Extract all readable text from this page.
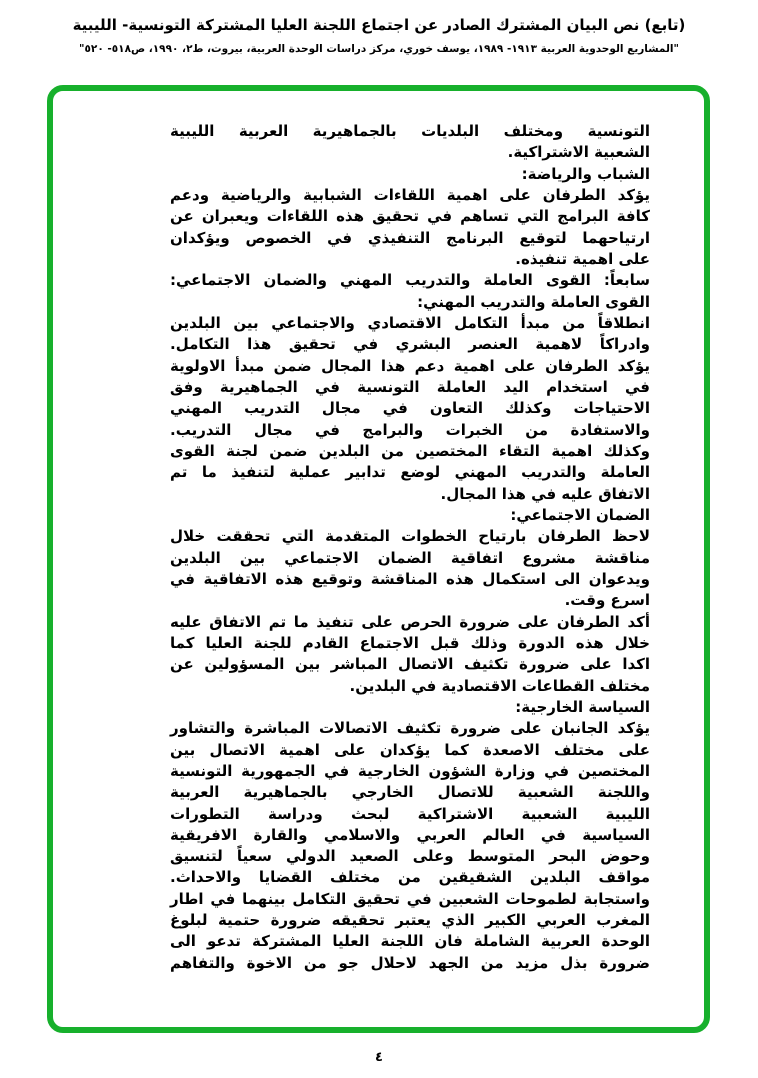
(تابع) نص البيان المشترك الصادر عن اجتماع اللجنة العليا المشتركة التونسية- الليبية
"المشاريع الوحدوية العربية ١٩١٣- ١٩٨٩، يوسف خوري، مركز دراسات الوحدة العربية، بيروت، ط٢، ١٩٩٠، ص٥١٨- ٥٢٠"
التونسية ومختلف البلديات بالجماهيرية العربية الليبية
الشعبية الاشتراكية.
الشباب والرياضة:
يؤكد الطرفان على اهمية اللقاءات الشبابية والرياضية ودعم
كافة البرامج التي تساهم في تحقيق هذه اللقاءات ويعبران عن
ارتياحهما لتوقيع البرنامج التنفيذي في الخصوص ويؤكدان
على اهمية تنفيذه.
سابعاً: القوى العاملة والتدريب المهني والضمان الاجتماعي:
القوى العاملة والتدريب المهني:
انطلاقاً من مبدأ التكامل الاقتصادي والاجتماعي بين البلدين
وادراكاً لاهمية العنصر البشري في تحقيق هذا التكامل.
يؤكد الطرفان على اهمية دعم هذا المجال ضمن مبدأ الاولوية
في استخدام اليد العاملة التونسية في الجماهيرية وفق
الاحتياجات وكذلك التعاون في مجال التدريب المهني
والاستفادة من الخبرات والبرامج في مجال التدريب.
وكذلك اهمية التقاء المختصين من البلدين ضمن لجنة القوى
العاملة والتدريب المهني لوضع تدابير عملية لتنفيذ ما تم
الاتفاق عليه في هذا المجال.
الضمان الاجتماعي:
لاحظ الطرفان بارتياح الخطوات المتقدمة التي تحققت خلال
مناقشة مشروع اتفاقية الضمان الاجتماعي بين البلدين
ويدعوان الى استكمال هذه المناقشة وتوقيع هذه الاتفاقية في
اسرع وقت.
أكد الطرفان على ضرورة الحرص على تنفيذ ما تم الاتفاق عليه
خلال هذه الدورة وذلك قبل الاجتماع القادم للجنة العليا كما
اكدا على ضرورة تكثيف الاتصال المباشر بين المسؤولين عن
مختلف القطاعات الاقتصادية في البلدين.
السياسة الخارجية:
يؤكد الجانبان على ضرورة تكثيف الاتصالات المباشرة والتشاور
على مختلف الاصعدة كما يؤكدان على اهمية الاتصال بين
المختصين في وزارة الشؤون الخارجية في الجمهورية التونسية
واللجنة الشعبية للاتصال الخارجي بالجماهيرية العربية
الليبية الشعبية الاشتراكية لبحث ودراسة التطورات
السياسية في العالم العربي والاسلامي والقارة الافريقية
وحوض البحر المتوسط وعلى الصعيد الدولي سعياً لتنسيق
مواقف البلدين الشقيقين من مختلف القضايا والاحداث.
واستجابة لطموحات الشعبين في تحقيق التكامل بينهما في اطار
المغرب العربي الكبير الذي يعتبر تحقيقه ضرورة حتمية لبلوغ
الوحدة العربية الشاملة فان اللجنة العليا المشتركة تدعو الى
ضرورة بذل مزيد من الجهد لاحلال جو من الاخوة والتفاهم
٤
